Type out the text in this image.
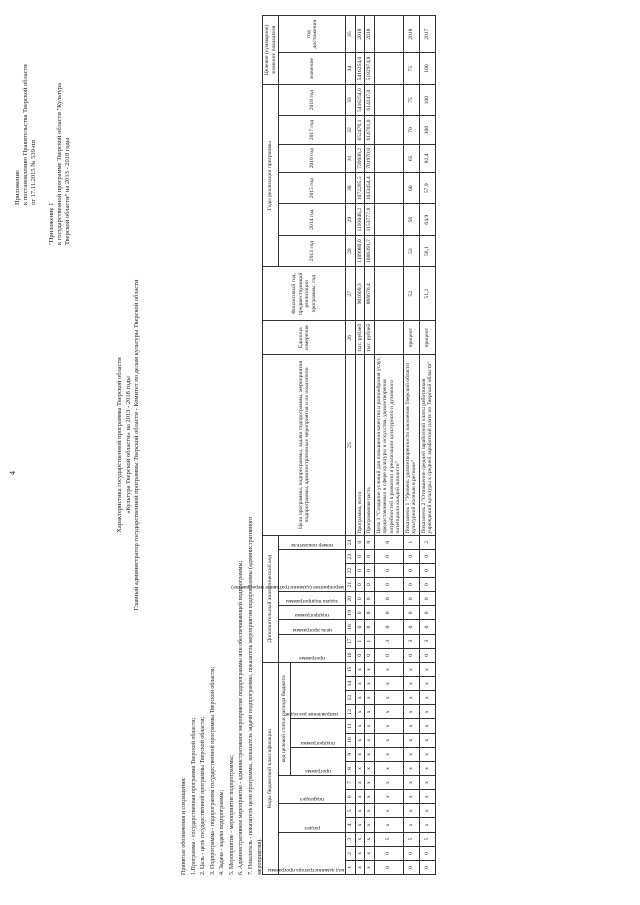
4
Приложение к постановлению Правительства Тверской области от 17.11.2015 № 539-пп
"Приложение 1 к государственной программе Тверской области "Культура Тверской области" на 2013 - 2018 годы
Характеристика государственной программы Тверской области «Культура Тверской области» на 2013 - 2018 годы Главный администратор государственной программы Тверской области - Комитет по делам культуры Тверской области
Принятые обозначения и сокращения: 1.Программа - государственная программа Тверской области; 2. Цель - цель государственной программы Тверской области; 3. Подпрограмма - подпрограмма государственной программы Тверской области; 4. Задача - задача подпрограммы; 5. Мероприятие - мероприятие подпрограммы; 6. Административное мероприятие - административное мероприятие подпрограммы или обеспечивающей подпрограммы; 7. Показатель - показатель цели программы, показатель задачи подпрограммы, показатель мероприятия подпрограммы (административного мероприятия).
Коды бюджетной классификации															Дополнительный аналитический код									Цели программы, подпрограммы, задачи подпрограммы, мероприятия подпрограммы, административные мероприятия и их показатели	Единица измерения	Финансовый год, предшествующий реализации программы, год	Годы реализации программы						Целевое (суммарное) значение показателя	

код администратора программы			раздел		подраздел		код целевой статьи расхода бюджета								программа		цель программы	подпрограмма	задача подпрограммы	мероприятие (административное мероприятие)			номер показателя				2013 год	2014 год	2015 год	2016 год	2017 год	2018 год	значение	год достижения

							программа		подпрограмма		направление расходов																							

1	2	3	4	5	6	7	8	9	10	11	12	13	14	15	16	17	18	19	20	21	22	23	24	25	26	27	28	29	30	31	32	33	34	35
х	х	х	х	х	х	х	х	х	х	х	х	х	х	х	0	1	0	0	0	0	0	0	0	Программа, всего	тыс. рублей	901609,3	1109980,0	1193046,2	1072285,5	739936,2	652476,1	5416254,0	5416254,0	2018
х	х	х	х	х	х	х	х	х	х	х	х	х	х	х	0	1	0	0	0	0	0	0	0	Программная часть	тыс. рублей	866670,4	1006391,7	1153777,8	1033454,4	701970,0	614701,0	614247,0	5182974,9	2018
0	0	5	х	х	х	х	х	х	х	х	х	х	х	х	0	3	0	0	0	0	0	0	0	Цель 1 "Создание условий для повышения качества и разнообразия услуг, предоставляемых в сфере культуры и искусства, удовлетворения потребностей в развитии и реализации культурного и духовного потенциала каждой личности"										
0	0	5	х	х	х	х	х	х	х	х	х	х	х	х	0	3	0	0	0	0	0	0	1	Показатель 1 "Уровень удовлетворенности населения Тверской области культурной жизнью в регионе"	процент	52	53	56	60	65	70	75	75	2018
0	0	5	х	х	х	х	х	х	х	х	х	х	х	х	0	3	0	0	0	0	0	0	2	Показатель 2 "Отношение средней заработной платы работников учреждений культуры к средней заработной плате по Тверской области"	процент	51,2	56,1	64,9	57,9	82,4	100	100	100	2017
